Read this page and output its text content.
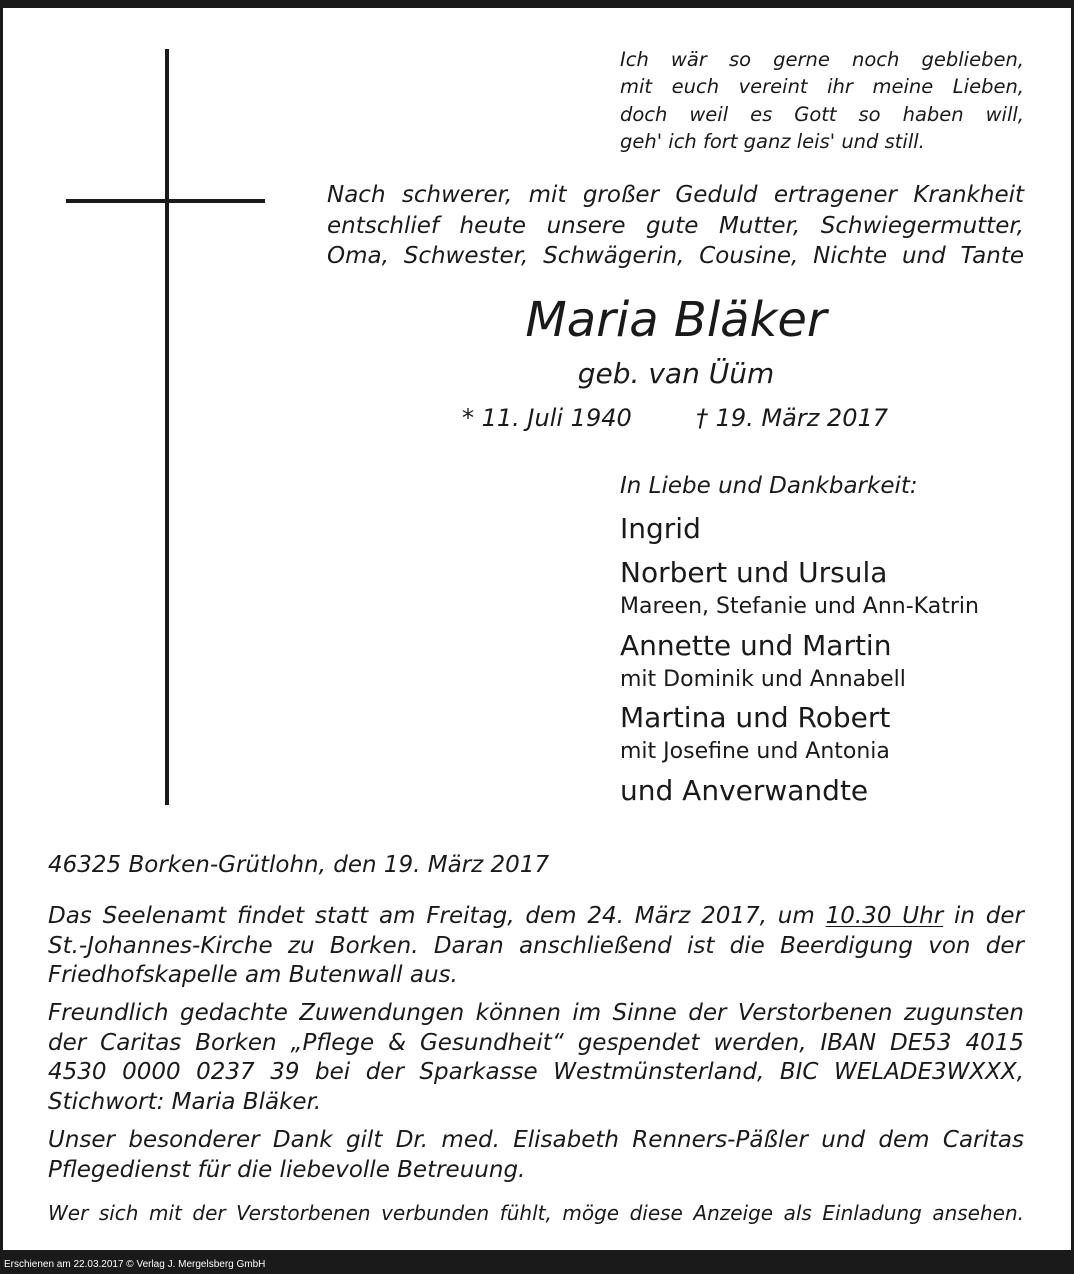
Erschienen am 22.03.2017 © Verlag J. Mergelsberg GmbH
Ich wär so gerne noch geblieben,
mit euch vereint ihr meine Lieben,
doch weil es Gott so haben will,
geh' ich fort ganz leis' und still.
Nach schwerer, mit großer Geduld ertragener Krankheit
entschlief heute unsere gute Mutter, Schwiegermutter,
Oma, Schwester, Schwägerin, Cousine, Nichte und Tante
Maria Bläker
geb. van Üüm
* 11. Juli 1940	† 19. März 2017
In Liebe und Dankbarkeit:
Ingrid
Norbert und Ursula
Mareen, Stefanie und Ann-Katrin
Annette und Martin
mit Dominik und Annabell
Martina und Robert
mit Josefine und Antonia
und Anverwandte
46325 Borken-Grütlohn, den 19. März 2017
Das Seelenamt findet statt am Freitag, dem 24. März 2017, um 10.30 Uhr in der
St.-Johannes-Kirche zu Borken. Daran anschließend ist die Beerdigung von der
Friedhofskapelle am Butenwall aus.
Freundlich gedachte Zuwendungen können im Sinne der Verstorbenen zugunsten
der Caritas Borken „Pflege & Gesundheit“ gespendet werden, IBAN DE53 4015
4530 0000 0237 39 bei der Sparkasse Westmünsterland, BIC WELADE3WXXX,
Stichwort: Maria Bläker.
Unser besonderer Dank gilt Dr. med. Elisabeth Renners-Päßler und dem Caritas
Pflegedienst für die liebevolle Betreuung.
Wer sich mit der Verstorbenen verbunden fühlt, möge diese Anzeige als Einladung ansehen.
